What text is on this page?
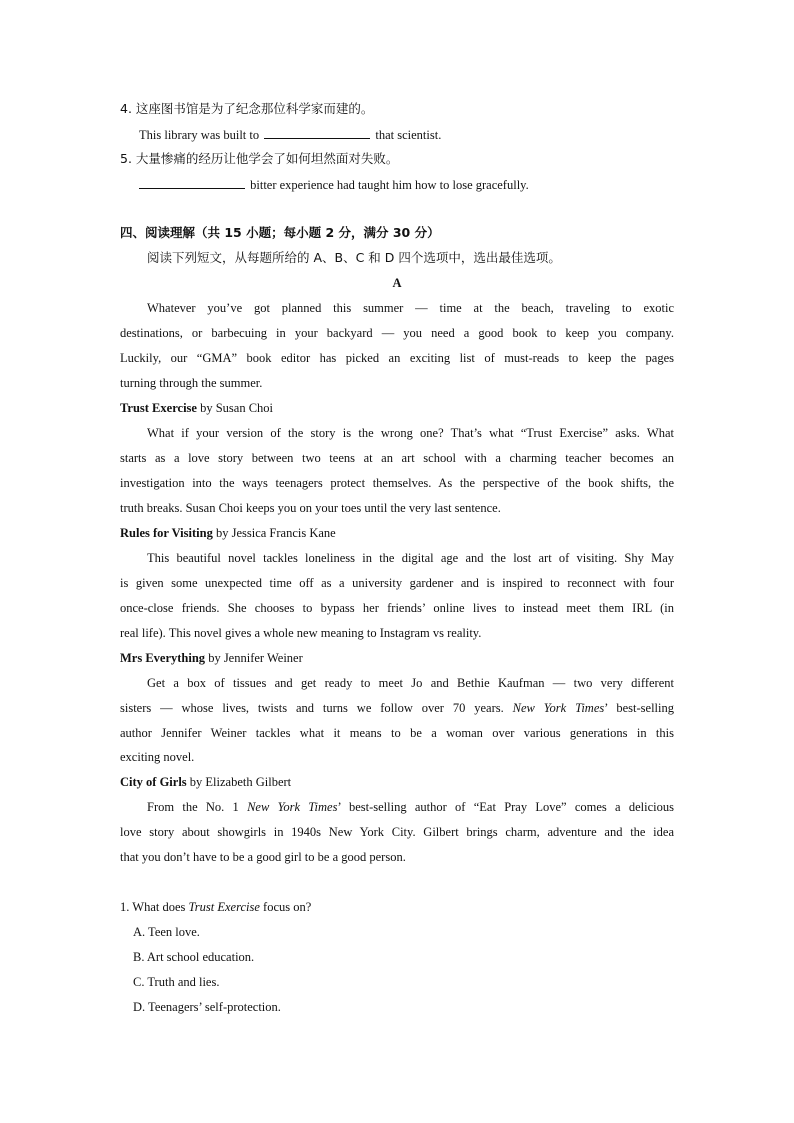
4. 这座图书馆是为了纪念那位科学家而建的。
This library was built to	that scientist.
5. 大量惨痛的经历让他学会了如何坦然面对失败。
bitter experience had taught him how to lose gracefully.
四、阅读理解（共 15 小题；每小题 2 分，满分 30 分）
阅读下列短文，从每题所给的 A、B、C 和 D 四个选项中，选出最佳选项。
A
Whatever you’ve got planned this summer — time at the beach, traveling to exotic
destinations, or barbecuing in your backyard — you need a good book to keep you company.
Luckily, our “GMA” book editor has picked an exciting list of must-reads to keep the pages
turning through the summer.
Trust Exercise by Susan Choi
What if your version of the story is the wrong one? That’s what “Trust Exercise” asks. What
starts as a love story between two teens at an art school with a charming teacher becomes an
investigation into the ways teenagers protect themselves. As the perspective of the book shifts, the
truth breaks. Susan Choi keeps you on your toes until the very last sentence.
Rules for Visiting by Jessica Francis Kane
This beautiful novel tackles loneliness in the digital age and the lost art of visiting. Shy May
is given some unexpected time off as a university gardener and is inspired to reconnect with four
once-close friends. She chooses to bypass her friends’ online lives to instead meet them IRL (in
real life). This novel gives a whole new meaning to Instagram vs reality.
Mrs Everything by Jennifer Weiner
Get a box of tissues and get ready to meet Jo and Bethie Kaufman — two very different
sisters — whose lives, twists and turns we follow over 70 years. New York Times’ best-selling
author Jennifer Weiner tackles what it means to be a woman over various generations in this
exciting novel.
City of Girls by Elizabeth Gilbert
From the No. 1 New York Times’ best-selling author of “Eat Pray Love” comes a delicious
love story about showgirls in 1940s New York City. Gilbert brings charm, adventure and the idea
that you don’t have to be a good girl to be a good person.
1. What does Trust Exercise focus on?
A. Teen love.
B. Art school education.
C. Truth and lies.
D. Teenagers’ self-protection.
